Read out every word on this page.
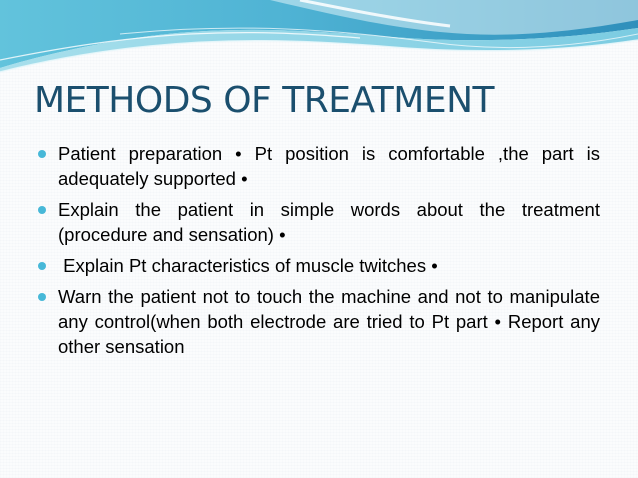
METHODS OF TREATMENT
Patient preparation • Pt position is comfortable ,the part is adequately supported •
Explain the patient in simple words about the treatment (procedure and sensation) •
Explain Pt characteristics of muscle twitches •
Warn the patient not to touch the machine and not to manipulate any control(when both electrode are tried to Pt part • Report any other sensation
